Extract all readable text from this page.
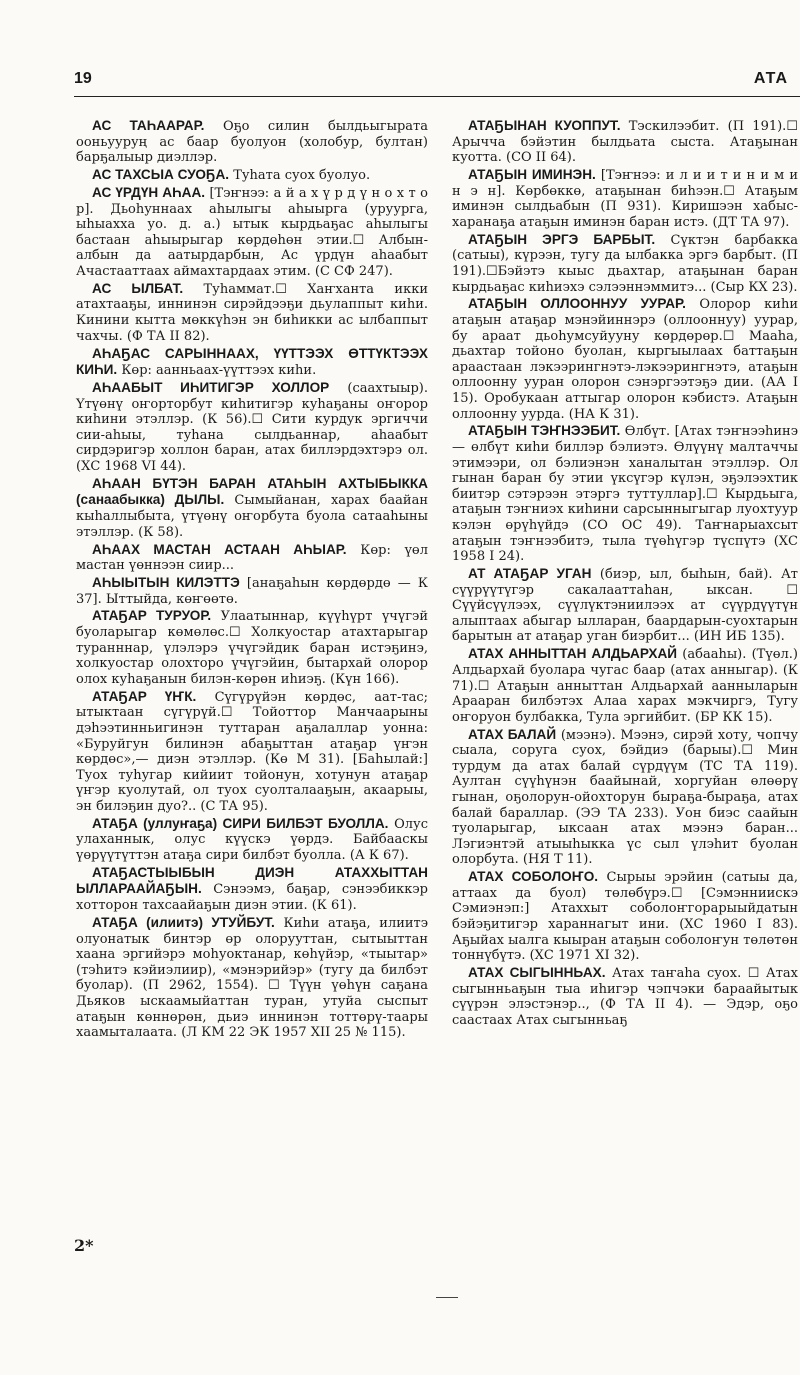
19	АТА

АС ТАҺААРАР. Оҕо силин былдьыгырата ооньууруң ас баар буолуон (холобур, бултан) барҕалыыр диэллэр.

АС ТАХСЫА СУОҔА. Туһата суох буолуо.

АС ҮРДҮН АҺАА. [Тэҥнээ: а й а х ү р д ү н о х т о р]. Дьоһуннаах аһылыгы аһыырга (уруурга, ыhыахха уо. д. а.) ытык кырдьаҕас аһылыгы бастаан аһыырыгар көрдөһөн этии.☐ Албын-албын да аатырдарбын, Ас үрдүн аһаабыт Ачастааттаах аймахтардаах этим. (С СФ 247).

АС ЫЛБАТ. Туһаммат.☐ Хаҥханта икки атахтааҕы, иннинэн сирэйдээҕи дьулаппыт киһи. Кинини кытта мөккүһэн эн биһикки ас ылбаппыт чахчы. (Ф ТА II 82).

АҺАҔАС САРЫННААХ, ҮҮТТЭЭХ ӨТТҮКТЭЭХ КИҺИ. Көр: аанньаах-үүттээх киһи.

АҺААБЫТ ИҺИТИГЭР ХОЛЛОР (саахтыыр). Үтүөнү оҥорторбут киһитигэр куһаҕаны оҥорор киһини этэллэр. (К 56).☐ Сити курдук эргиччи сии-аһыы, туһана сылдьаннар, аһаабыт сирдэригэр холлон баран, атах биллэрдэхтэрэ ол. (ХС 1968 VI 44).

АҺААН БҮТЭН БАРАН АТАҺЫН АХТЫБЫККА (санаабыкка) ДЫЛЫ. Сымыйанан, харах баайан кыһаллыбыта, үтүөнү оҥорбута буола сатааһыны этэллэр. (К 58).

АҺААХ МАСТАН АСТААН АҺЫАР. Көр: үөл мастан үөннээн сиир...

АҺЫЫТЫН КИЛЭТТЭ [анаҕаһын көрдөрдө — К 37]. Ыттыйда, көҥөөтө.

АТАҔАР ТУРУОР. Улаатыннар, күүһүрт үчүгэй буоларыгар көмөлөс.☐ Холкуостар атахтарыгар туранннар, үлэлэрэ үчүгэйдик баран истэҕинэ, холкуостар олохторо үчүгэйин, бытархай олорор олох куһаҕанын билэн-көрөн иһиэҕ. (Күн 166).

АТАҔАР ҮҤК. Сүгүрүйэн көрдөс, аат-тас; ытыктаан сүгүрүй.☐ Тойоттор Манчаарыны дэһээтинньигинэн туттаран аҕалаллар уонна: «Буруйгун билинэн абаҕыттан атаҕар үҥэн көрдөс»,— диэн этэллэр. (Кө М 31). [Баһылай:] Туох туһугар кийиит тойонун, хотунун атаҕар үҥэр куолутай, ол туох суолталааҕын, акаарыы, эн билэҕин дуо?.. (С ТА 95).

АТАҔА (уллуҥаҕа) СИРИ БИЛБЭТ БУОЛЛА. Олус улаханнык, олус күүскэ үөрдэ. Байбааскы үөрүүтүттэн атаҕа сири билбэт буолла. (А К 67).

АТАҔАСТЫЫБЫН ДИЭН АТАХХЫТТАН ЫЛЛАРААЙАҔЫН. Сэнээмэ, баҕар, сэнээбиккэр хотторон тахсаайаҕын диэн этии. (К 61).

АТАҔА (илиитэ) УТУЙБУТ. Киһи атаҕа, илиитэ олуонатык бинтэр өр олорууттан, сытыыттан хаана эргийэрэ моһуоктанар, көһүйэр, «тыытар» (тэһитэ кэйиэлиир), «мэнэрийэр» (тугу да билбэт буолар). (П 2962, 1554). ☐ Түүн үөһүн саҕана Дьяков ыскаамыйаттан туран, утуйа сыспыт атаҕын көннөрөн, дьиэ иннинэн тоттөрү-таары хаамыталаата. (Л КМ 22 ЭК 1957 XII 25 № 115).

АТАҔЫНАН КУОППУТ. Тэскилээбит. (П 191).☐ Арычча бэйэтин былдьата сыста. Атаҕынан куотта. (СО II 64).

АТАҔЫН ИМИНЭН. [Тэҥнээ: и л и и т и н и м и н э н]. Көрбөккө, атаҕынан биһээн.☐ Атаҕым иминэн сылдьабын (П 931). Киришээн хабыс-харанаҕа атаҕын иминэн баран истэ. (ДТ ТА 97).

АТАҔЫН ЭРГЭ БАРБЫТ. Сүктэн барбакка (сатыы), күрээн, тугу да ылбакка эргэ барбыт. (П 191).☐Бэйэтэ кыыс дьахтар, атаҕынан баран кырдьаҕас киһиэхэ сэлээннэммитэ... (Сыр КХ 23).

АТАҔЫН ОЛЛООННУУ УУРАР. Олорор киһи атаҕын атаҕар мэнэйиннэрэ (оллооннуу) уурар, бу араат дьоһумсуйууну көрдөрөр.☐ Мааһа, дьахтар тойоно буолан, кыргыылаах баттаҕын араастаан лэкээрингнэтэ-лэкээрингнэтэ, атаҕын оллоонну ууран олорон сэнэргээтэҕэ дии. (АА I 15). Оробукаан аттыгар олорон кэбистэ. Атаҕын оллоонну уурда. (НА К 31).

АТАҔЫН ТЭҤНЭЭБИТ. Өлбүт. [Атах тэҥнээһинэ — өлбүт киһи биллэр бэлиэтэ. Өлүүнү малтаччы этимээри, ол бэлиэнэн ханалытан этэллэр. Ол гынан баран бу этии үксүгэр күлэн, эҕэлээхтик биитэр сэтэрээн этэргэ туттуллар].☐ Кырдьыга, атаҕын тэҥниэх киһини сарсынныгыгар луохтуур кэлэн өрүһүйдэ (СО ОС 49). Таҥнарыахсыт атаҕын тэҥнээбитэ, тыла түөһүгэр түспүтэ (ХС 1958 I 24).

АТ АТАҔАР УГАН (биэр, ыл, быһын, бай). Ат сүүрүүтүгэр сакалааттаһан, ыксан. ☐ Сүүйсүүлээх, сүүлүктэниилээх ат сүүрдүүтүн алыптаах абыгар ылларан, баардарын-суохтарын барытын ат атаҕар уган биэрбит... (ИН ИБ 135).

АТАХ АННЫТТАН АЛДЬАРХАЙ (абааһы). (Түөл.) Алдьархай буолара чугас баар (атах анныгар). (К 71).☐ Атаҕын анныттан Алдьархай аанныларын Арааран билбэтэх Алаа харах мэкчиргэ, Тугу оҥоруон булбакка, Тула эргийбит. (БР КК 15).

АТАХ БАЛАЙ (мээнэ). Мээнэ, сирэй хоту, чопчу сыала, соруга суох, бэйдиэ (барыы).☐ Мин турдум да атах балай сүрдүүм (ТС ТА 119). Аултан сүүһүнэн баайынай, хоргуйан өлөөрү гынан, оҕолорун-ойохторун быраҕа-быраҕа, атах балай бараллар. (ЭЭ ТА 233). Уон биэс саайын туоларыгар, ыксаан атах мээнэ баран... Лэгиэнтэй атыыһыкка үс сыл үлэһит буолан олорбута. (НЯ Т 11).

АТАХ СОБОЛОҤО. Сырыы эрэйин (сатыы да, аттаах да буол) төлөбүрэ.☐ [Сэмэнниискэ Сэмиэнэп:] Атаххыт соболоҥгорарыыйдатын бэйэҕитигэр хараннагыт ини. (ХС 1960 I 83). Аҕыйах ыалга кыыран атаҕын соболоҥун төлөтөн тоннүбүтэ. (ХС 1971 XI 32).

АТАХ СЫГЫННЬАХ. Атах таҥаһа суох. ☐ Атах сыгынньаҕын тыа иһигэр чэпчэки бараайытык сүүрэн элэстэнэр.., (Ф ТА II 4). — Эдэр, оҕо саастаах Атах сыгынньаҕ

2*
